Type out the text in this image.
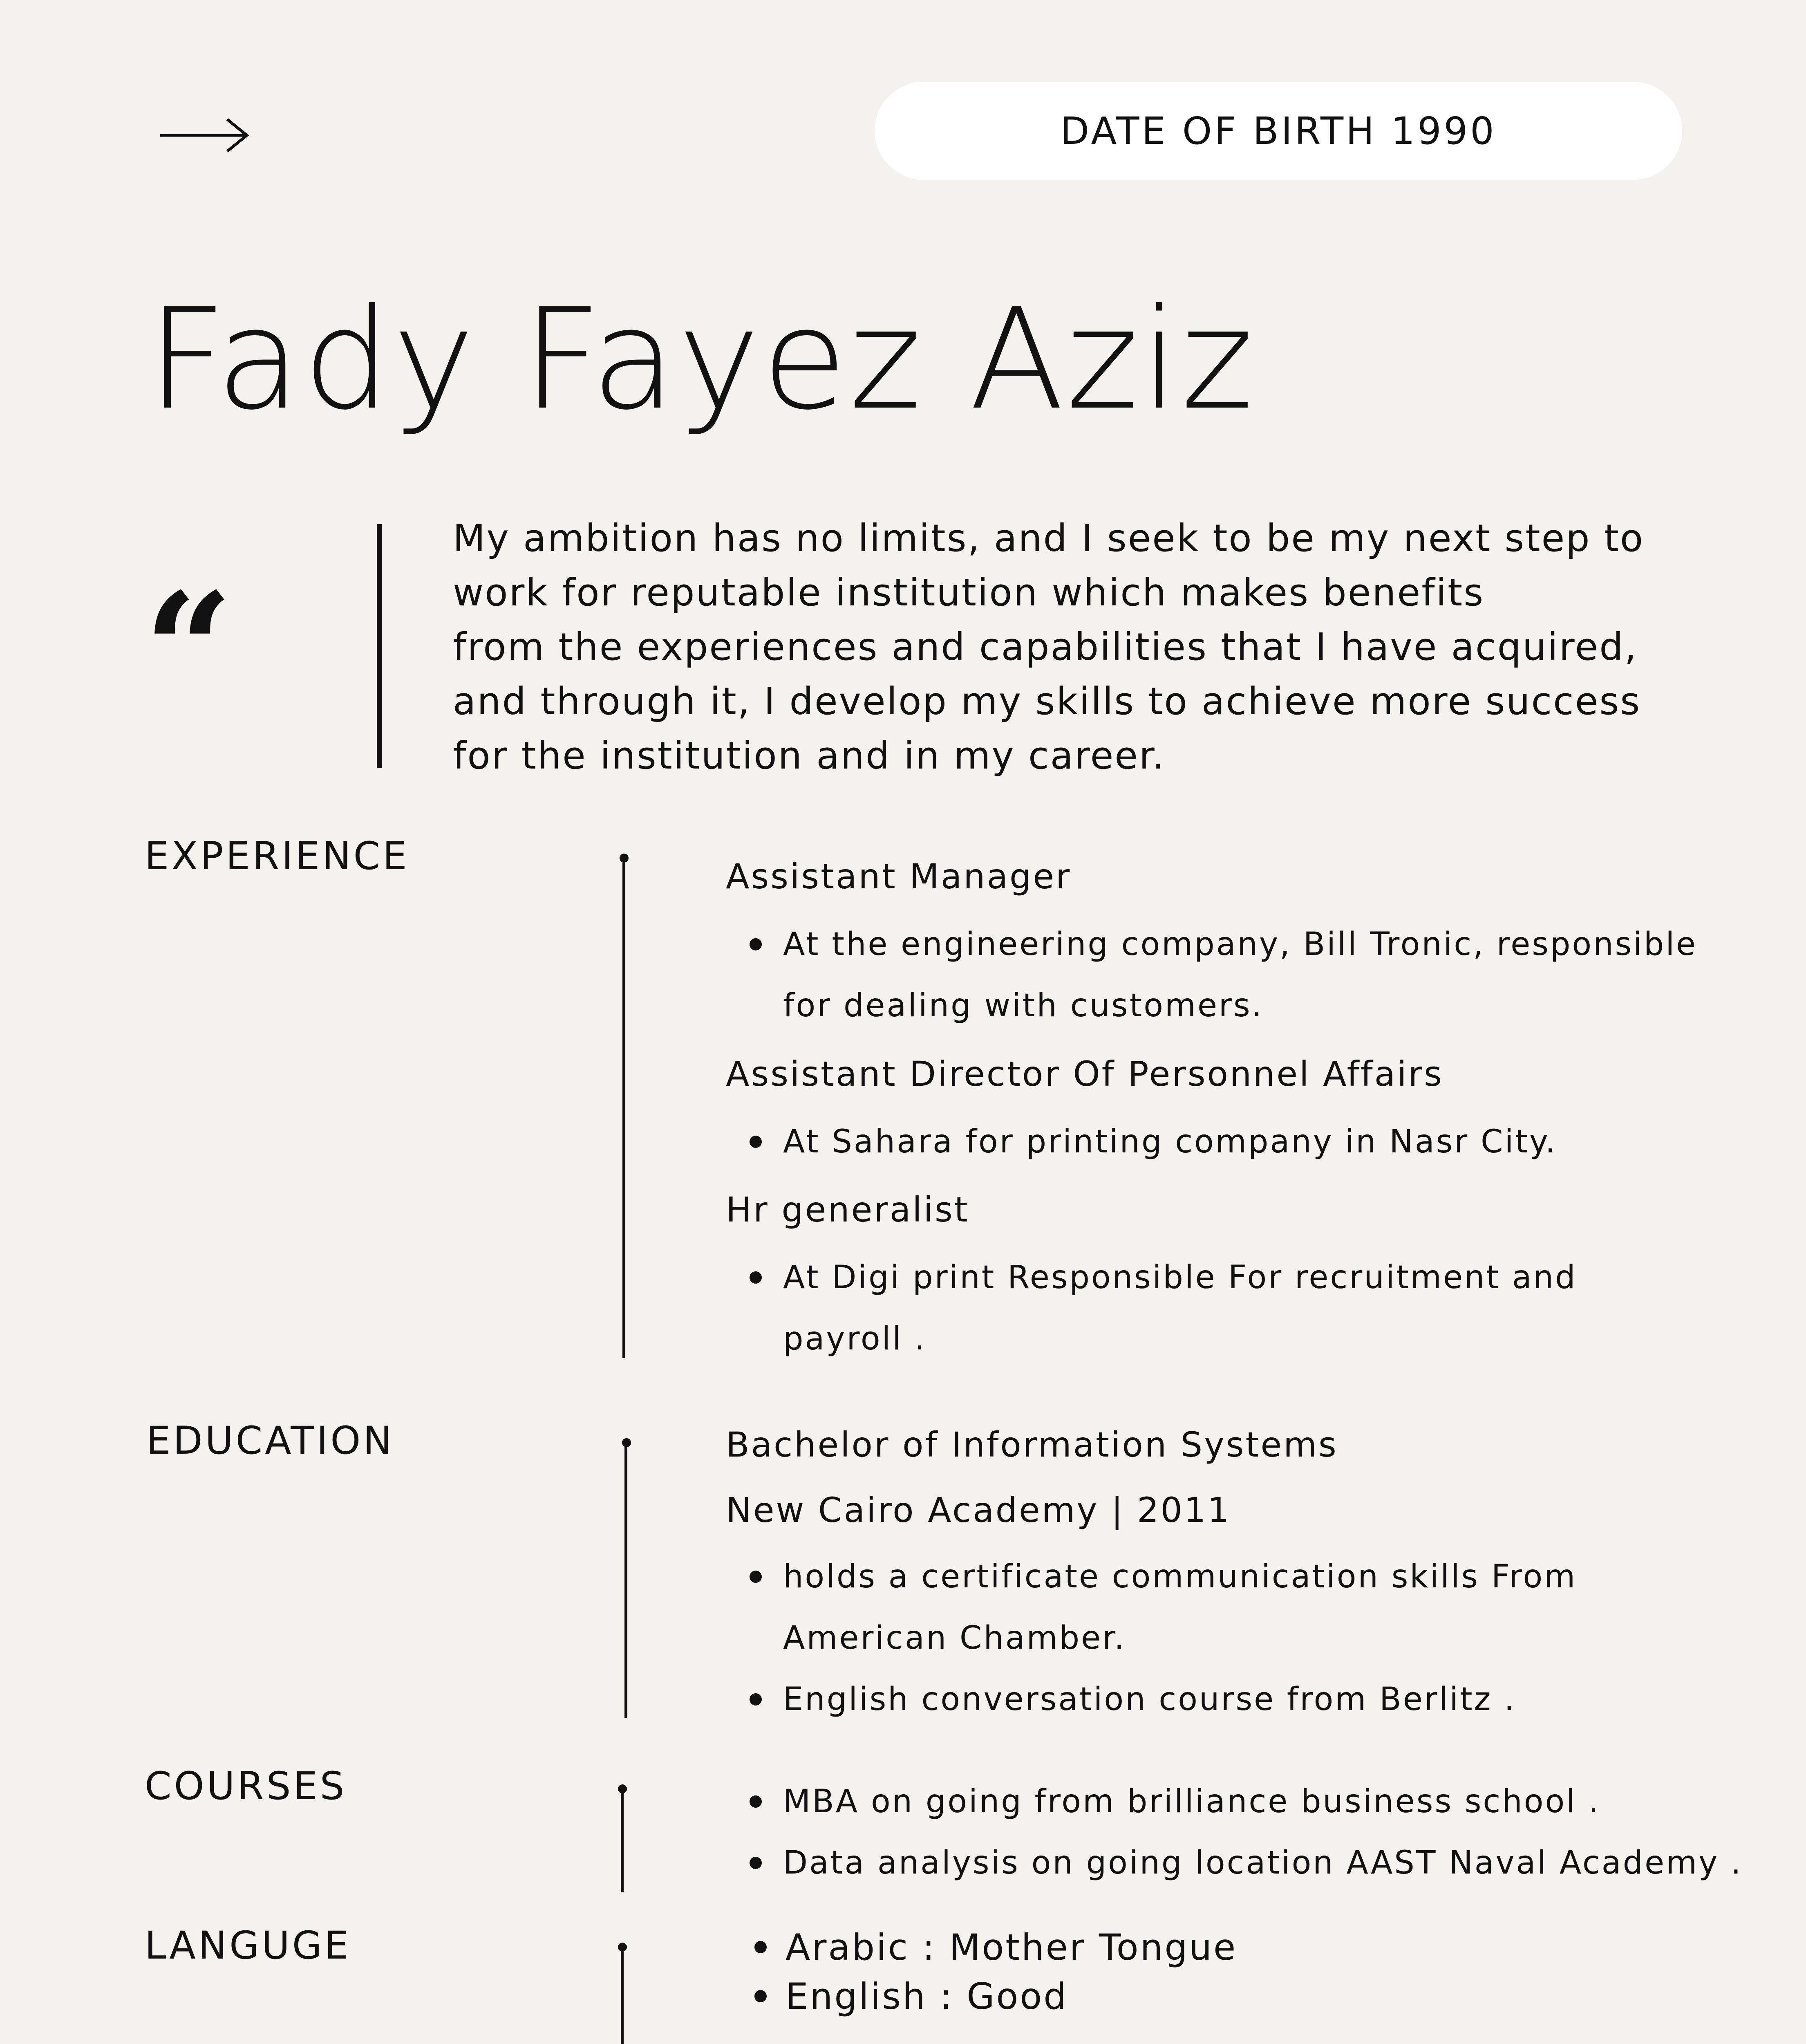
DATE OF BIRTH 1990
Fady Fayez Aziz
“
My ambition has no limits, and I seek to be my next step to
work for reputable institution which makes benefits
from the experiences and capabilities that I have acquired,
and through it, I develop my skills to achieve more success
for the institution and in my career.
EXPERIENCE	Assistant Manager
At the engineering company, Bill Tronic, responsible
for dealing with customers.
Assistant Director Of Personnel Affairs
At Sahara for printing company in Nasr City.
Hr generalist
At Digi print Responsible For recruitment and
payroll .
EDUCATION	Bachelor of Information Systems
New Cairo Academy | 2011
holds a certificate communication skills From
American Chamber.
English conversation course from Berlitz .
COURSES	MBA on going from brilliance business school .
Data analysis on going location AAST Naval Academy .
LANGUGE	Arabic : Mother Tongue
English : Good
